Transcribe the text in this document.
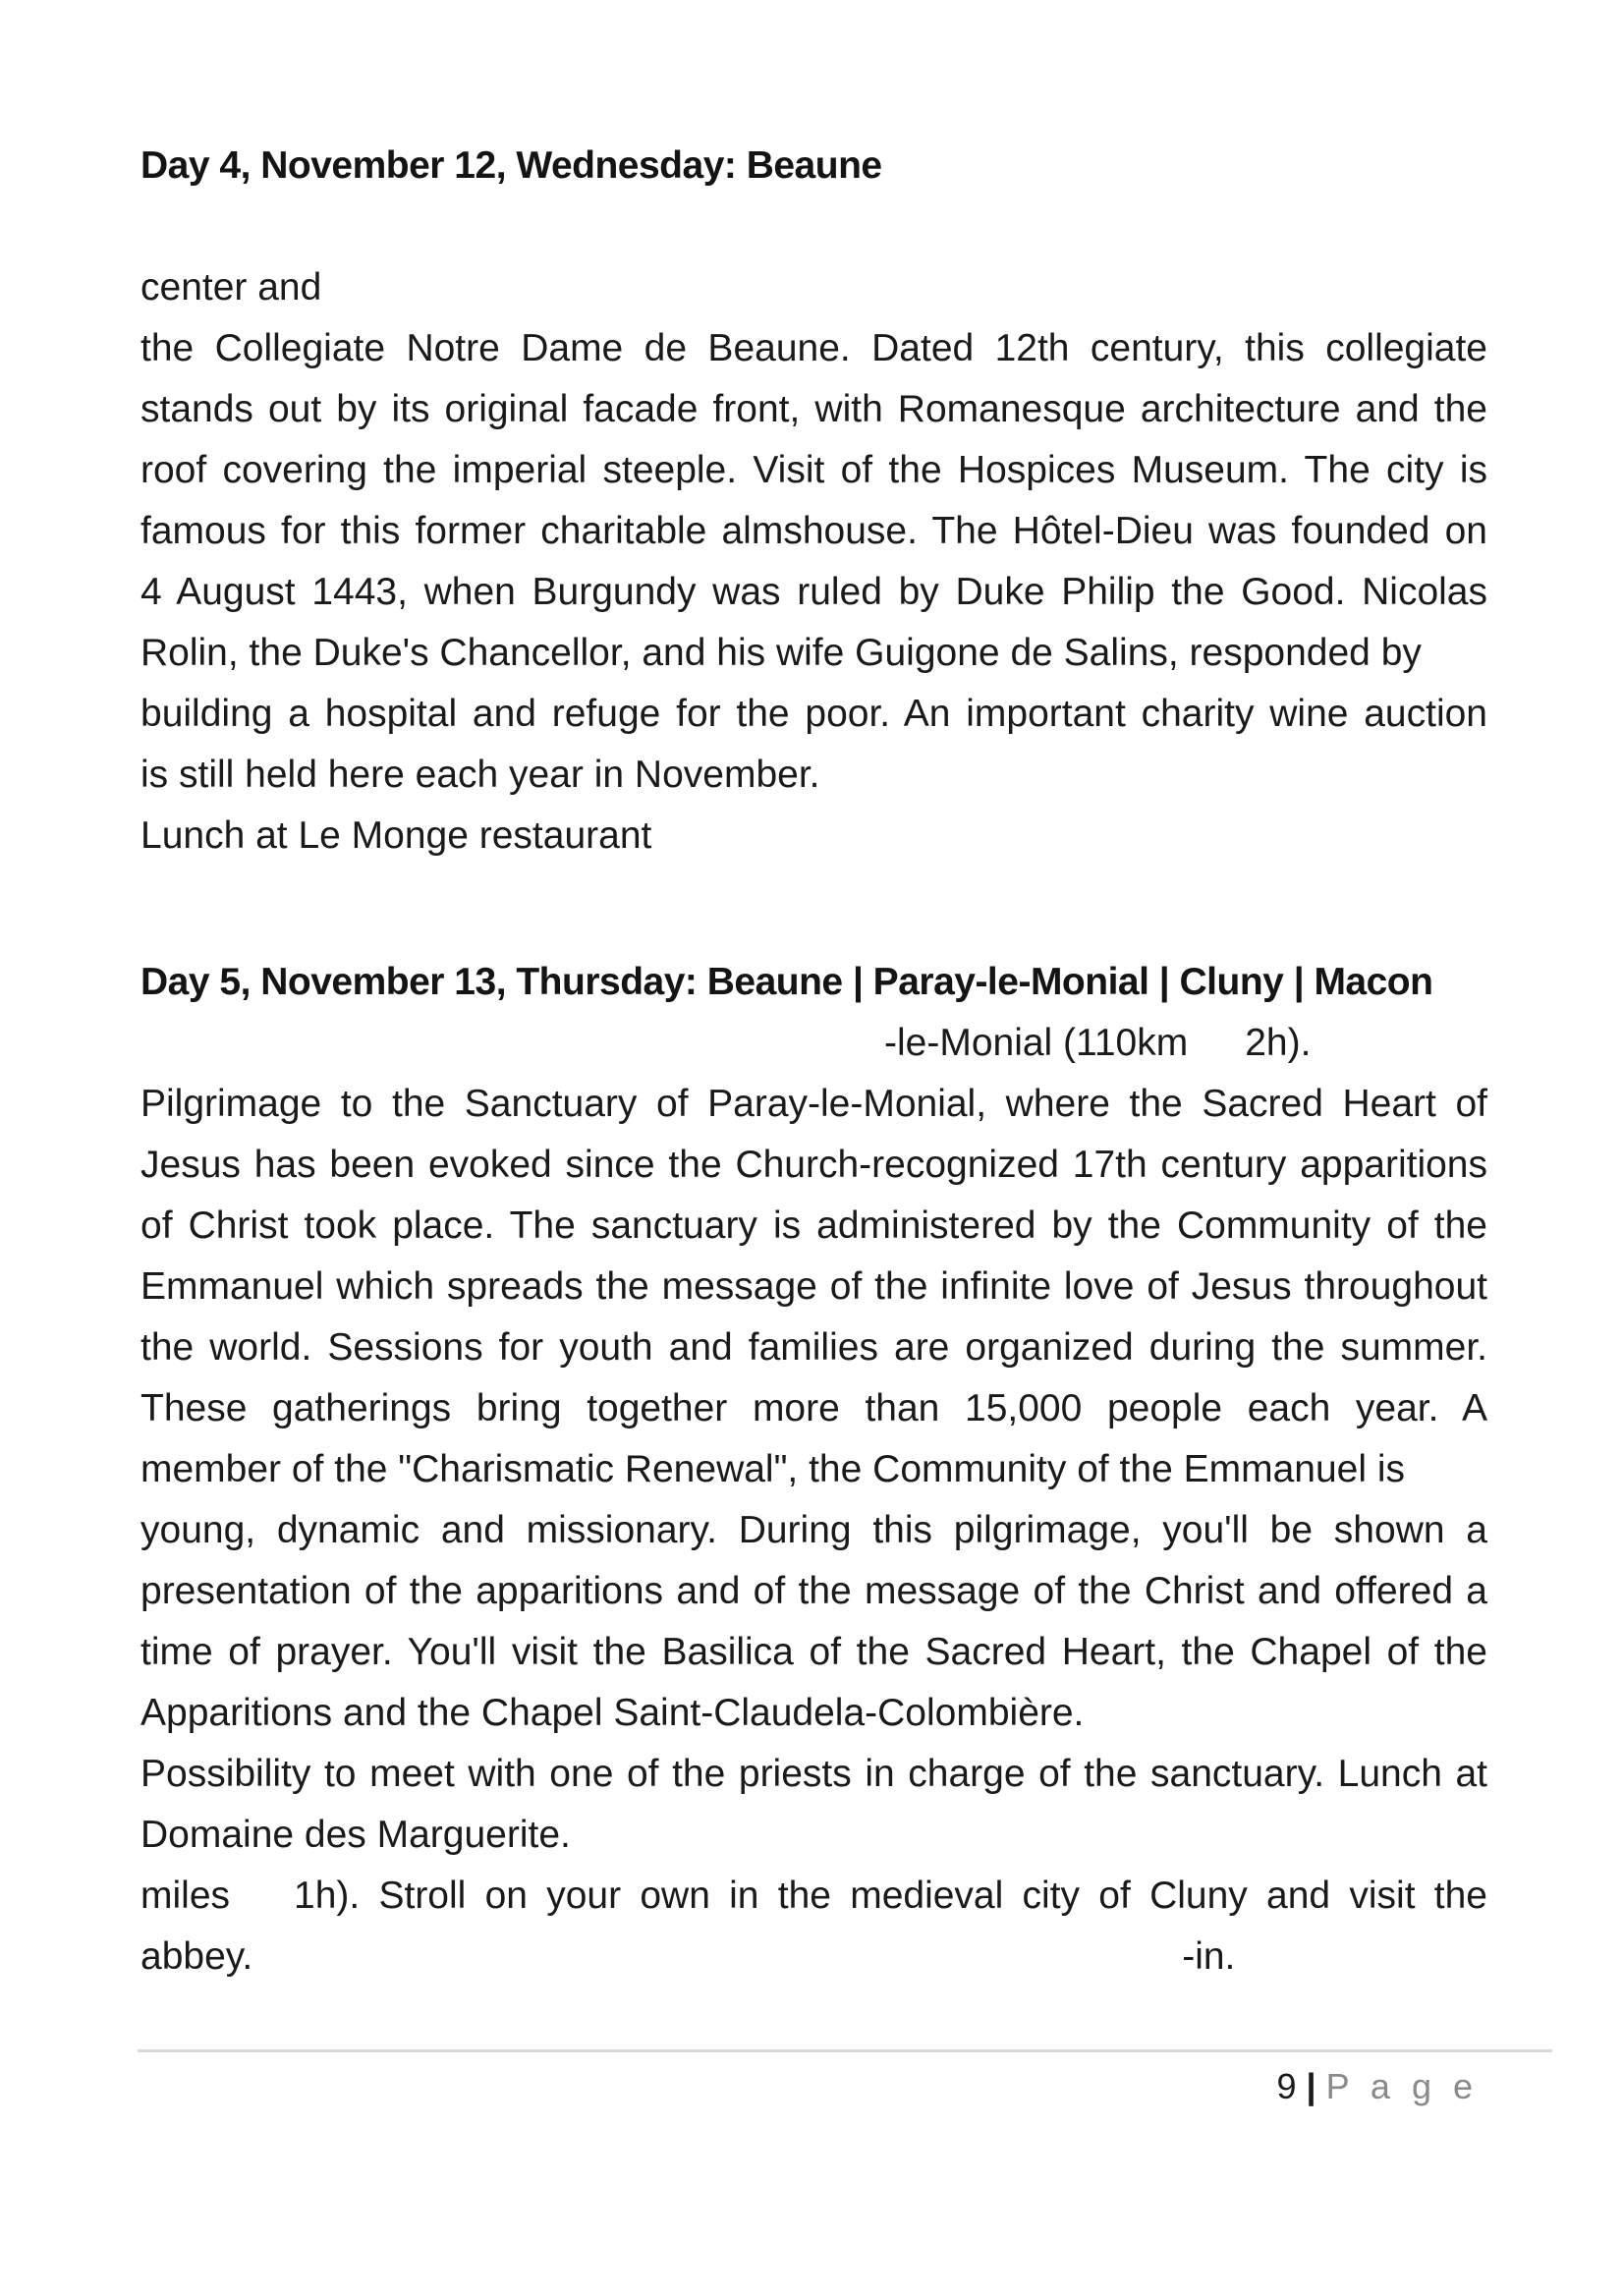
Day 4, November 12, Wednesday: Beaune
center and
the Collegiate Notre Dame de Beaune. Dated 12th century, this collegiate
stands out by its original facade front, with Romanesque architecture and the
roof covering the imperial steeple. Visit of the Hospices Museum. The city is
famous for this former charitable almshouse. The Hôtel-Dieu was founded on
4 August 1443, when Burgundy was ruled by Duke Philip the Good. Nicolas
Rolin, the Duke's Chancellor, and his wife Guigone de Salins, responded by
building a hospital and refuge for the poor. An important charity wine auction
is still held here each year in November.
Lunch at Le Monge restaurant
Day 5, November 13, Thursday: Beaune | Paray-le-Monial | Cluny | Macon
-le-Monial (110km 2h).
Pilgrimage to the Sanctuary of Paray-le-Monial, where the Sacred Heart of
Jesus has been evoked since the Church-recognized 17th century apparitions
of Christ took place. The sanctuary is administered by the Community of the
Emmanuel which spreads the message of the infinite love of Jesus throughout
the world. Sessions for youth and families are organized during the summer.
These gatherings bring together more than 15,000 people each year. A
member of the "Charismatic Renewal", the Community of the Emmanuel is
young, dynamic and missionary. During this pilgrimage, you'll be shown a
presentation of the apparitions and of the message of the Christ and offered a
time of prayer. You'll visit the Basilica of the Sacred Heart, the Chapel of the
Apparitions and the Chapel Saint-Claudela-Colombière.
Possibility to meet with one of the priests in charge of the sanctuary. Lunch at
Domaine des Marguerite.
miles 1h). Stroll on your own in the medieval city of Cluny and visit the
abbey.	-in.
9 | P a g e
